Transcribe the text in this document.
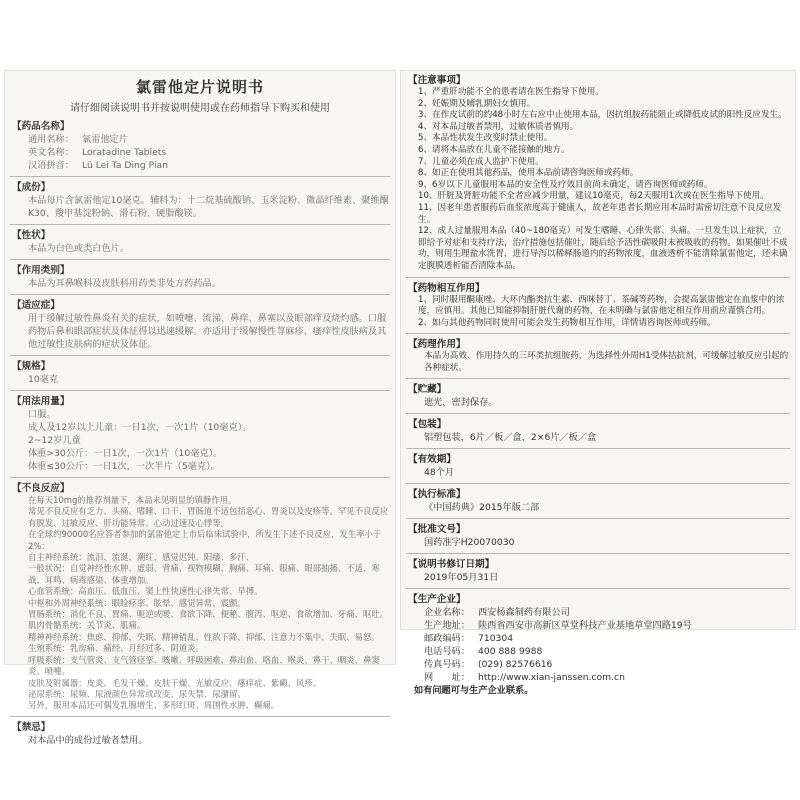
氯雷他定片说明书
请仔细阅读说明书并按说明使用或在药师指导下购买和使用
【药品名称】
通用名称： 氯雷他定片
英文名称： Loratadine Tablets
汉语拼音： Lü Lei Ta Ding Pian
【成份】
本品每片含氯雷他定10毫克。辅料为：十二烷基硫酸钠、玉米淀粉、微晶纤维素、聚维酮K30、羧甲基淀粉钠、滑石粉、硬脂酸镁。
【性状】
本品为白色或类白色片。
【作用类别】
本品为耳鼻喉科及皮肤科用药类非处方药药品。
【适应症】
用于缓解过敏性鼻炎有关的症状，如喷嚏、流涕、鼻痒、鼻塞以及眼部痒及烧灼感。口服药物后鼻和眼部症状及体征得以迅速缓解。亦适用于缓解慢性荨麻疹、瘙痒性皮肤病及其他过敏性皮肤病的症状及体征。
【规格】
10毫克
【用法用量】

口服。

成人及12岁以上儿童：一日1次，一次1片（10毫克）。

2~12岁儿童

体重>30公斤：一日1次，一次1片（10毫克）。

体重≤30公斤：一日1次，一次半片（5毫克）。

【不良反应】

在每天10mg的推荐剂量下，本品未见明显的镇静作用。

常见不良反应有乏力、头痛、嗜睡、口干、胃肠道不适包括恶心、胃炎以及皮疹等。罕见不良反应有脱发、过敏反应、肝功能异常、心动过速及心悸等。

在全球约90000名应答者参加的氯雷他定上市后临床试验中，所发生下述不良反应，发生率小于2%：

自主神经系统：流泪、流涎、潮红、感觉迟钝、阳痿、多汗、

一般状况：自觉神经性水肿、虚弱、背痛、视物模糊、胸痛、耳痛、眼痛、眼部抽搐、不适、寒战、耳鸣、病毒感染、体重增加。

心血管系统：高血压、低血压、窦上性快速性心律失常、早搏。

中枢和外周神经系统：眼睑痉挛、眩晕、感觉异常、震颤。

胃肠系统：消化不良、胃痛、呃逆或嗳、食欲下降、便秘、腹泻、呕逆、食欲增加、牙痛、呕吐。

肌肉骨骼系统：关节炎、肌痛。

精神神经系统：焦虑、抑郁、失眠、精神错乱、性欲下降、抑郁、注意力不集中、失眠、易怒。

生殖系统：乳房痛、痛经、月经过多、阴道炎。

呼吸系统：支气管炎、支气管痉挛、咳嗽、呼吸困难、鼻出血、咯血、喉炎、鼻干、咽炎、鼻窦炎、喷嚏。

皮肤及附属器：皮炎、毛发干燥、皮肤干燥、光敏反应、瘙痒症、紫癜、风疹。

泌尿系统：尿频、尿液颜色异常或改变、尿失禁、尿潴留。

另外，服用本品还可偶发乳腺增生、多形红斑、周围性水肿、癫痫。

【禁忌】
对本品中的成份过敏者禁用。
【注意事项】

1、严重肝功能不全的患者请在医生指导下使用。

2、妊娠期及哺乳期妇女慎用。

3、在作皮试前的约48小时左右应中止使用本品，因抗组胺药能阻止或降低皮试的阳性反应发生。

4、对本品过敏者禁用，过敏体质者慎用。

5、本品性状发生改变时禁止使用。

6、请将本品放在儿童不能接触的地方。

7、儿童必须在成人监护下使用。

8、如正在使用其他药品，使用本品前请咨询医师或药师。

9、6岁以下儿童服用本品的安全性及疗效目前尚未确定，请咨询医师或药师。

10、肝脏及肾脏功能不全者应减少用量，建议10毫克，每2天服用1次或在医生指导下使用。

11、因老年患者服药后血浆浓度高于健康人，故老年患者长期应用本品时需密切注意不良反应发生。

12、成人过量服用本品（40~180毫克）可发生嗜睡、心律失常、头痛。一旦发生以上症状，立即给予对症和支持疗法，治疗措施包括催吐，随后给予活性碳吸附未被吸收的药物。如果催吐不成功，则用生理盐水洗胃，进行导泻以稀释肠道内的药物浓度，血液透析不能清除氯雷他定，还未确定腹膜透析能否清除本品。

【药物相互作用】

1、同时服用酮康唑、大环内酯类抗生素、西咪替丁、茶碱等药物，会提高氯雷他定在血浆中的浓度，应慎用。其他已知能抑制肝脏代谢的药物，在未明确与氯雷他定相互作用前应谨慎合用。

2、如与其他药物同时使用可能会发生药物相互作用，详情请咨询医师或药师。

【药理作用】
本品为高效、作用持久的三环类抗组胺药，为选择性外周H1受体拮抗剂，可缓解过敏反应引起的各种症状。
【贮藏】
遮光，密封保存。
【包装】
铝塑包装，6片／板／盒，2×6片／板／盒
【有效期】
48个月
【执行标准】
《中国药典》2015年版二部
【批准文号】
国药准字H20070030
【说明书修订日期】
2019年05月31日
【生产企业】
企业名称： 西安杨森制药有限公司
生产地址： 陕西省西安市高新区草堂科技产业基地草堂四路19号
邮政编码： 710304
电话号码： 400 888 9988
传真号码： (029) 82576616
网　　址： http://www.xian-janssen.com.cn
如有问题可与生产企业联系。
